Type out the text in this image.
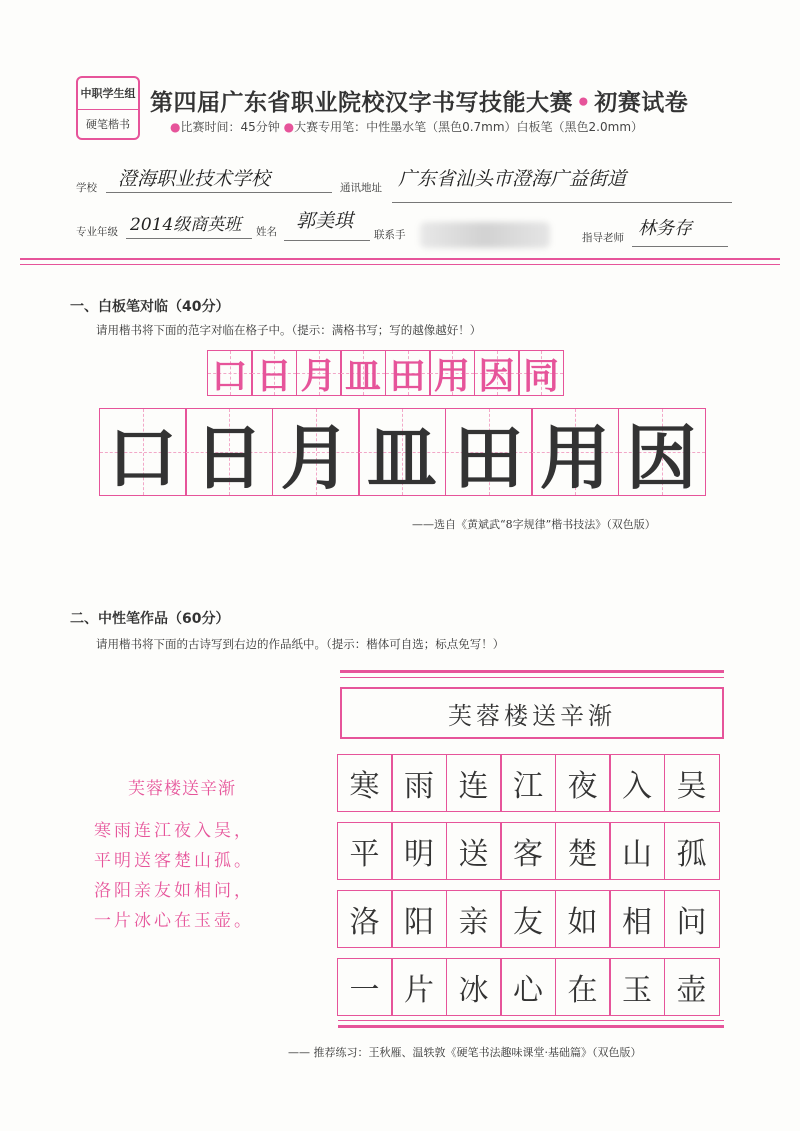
中职学生组
硬笔楷书
第四届广东省职业院校汉字书写技能大赛 • 初赛试卷
●比赛时间：45分钟 ●大赛专用笔：中性墨水笔（黑色0.7mm）白板笔（黑色2.0mm）
学校 澄海职业技术学校	通讯地址 广东省汕头市澄海广益街道
专业年级 2014级商英班 姓名 郭美琪
联系手	指导老师 林务存
一、白板笔对临（40分）
请用楷书将下面的范字对临在格子中。（提示：满格书写；写的越像越好！）
口 日 月 皿 田 用 因 同
口 日 月 皿 田 用 因
——选自《黄斌武“8字规律”楷书技法》（双色版）
二、中性笔作品（60分）
请用楷书将下面的古诗写到右边的作品纸中。（提示：楷体可自选；标点免写！）
芙蓉楼送辛渐
寒雨连江夜入吴，
平明送客楚山孤。
洛阳亲友如相问，
一片冰心在玉壶。
芙蓉楼送辛渐
寒 雨 连 江 夜 入 吴
平 明 送 客 楚 山 孤
洛 阳 亲 友 如 相 问
一 片 冰 心 在 玉 壶
—— 推荐练习：王秋雁、温轶敦《硬笔书法趣味课堂·基础篇》（双色版）
